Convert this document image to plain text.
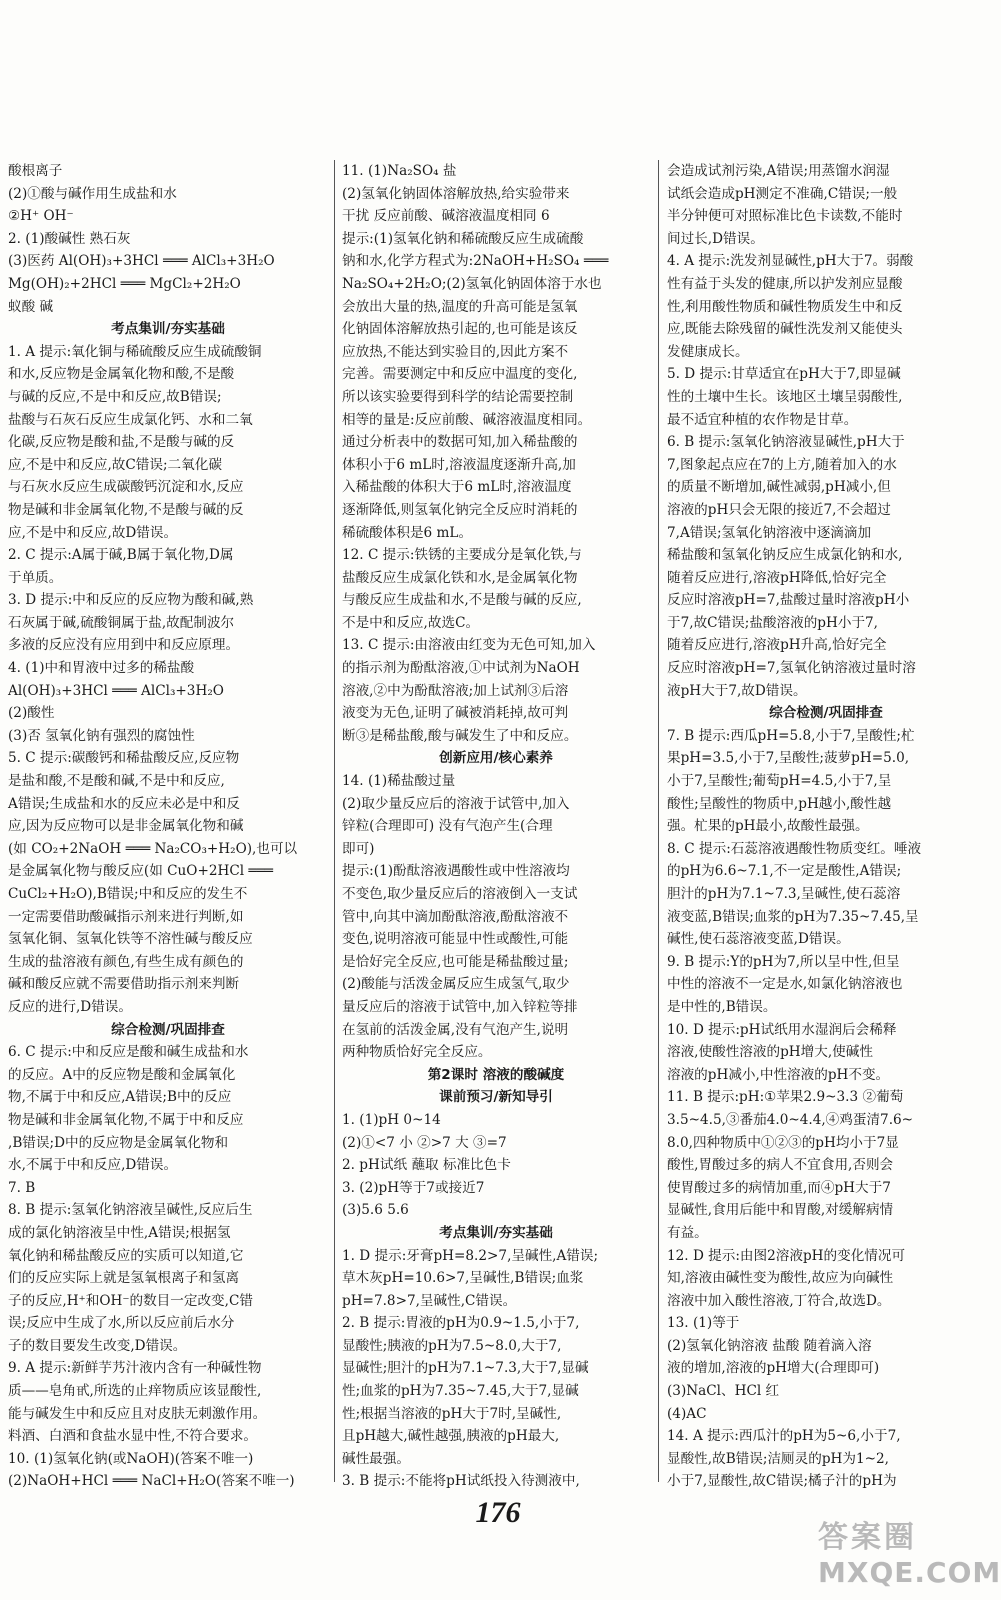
酸根离子
(2)①酸与碱作用生成盐和水
②H⁺ OH⁻
2. (1)酸碱性 熟石灰
(3)医药 Al(OH)₃+3HCl ═══ AlCl₃+3H₂O
Mg(OH)₂+2HCl ═══ MgCl₂+2H₂O
蚁酸 碱
考点集训/夯实基础
1. A 提示:氧化铜与稀硫酸反应生成硫酸铜
和水,反应物是金属氧化物和酸,不是酸
与碱的反应,不是中和反应,故B错误;
盐酸与石灰石反应生成氯化钙、水和二氧
化碳,反应物是酸和盐,不是酸与碱的反
应,不是中和反应,故C错误;二氧化碳
与石灰水反应生成碳酸钙沉淀和水,反应
物是碱和非金属氧化物,不是酸与碱的反
应,不是中和反应,故D错误。
2. C 提示:A属于碱,B属于氧化物,D属
于单质。
3. D 提示:中和反应的反应物为酸和碱,熟
石灰属于碱,硫酸铜属于盐,故配制波尔
多液的反应没有应用到中和反应原理。
4. (1)中和胃液中过多的稀盐酸
Al(OH)₃+3HCl ═══ AlCl₃+3H₂O
(2)酸性
(3)否 氢氧化钠有强烈的腐蚀性
5. C 提示:碳酸钙和稀盐酸反应,反应物
是盐和酸,不是酸和碱,不是中和反应,
A错误;生成盐和水的反应未必是中和反
应,因为反应物可以是非金属氧化物和碱
(如 CO₂+2NaOH ═══ Na₂CO₃+H₂O),也可以
是金属氧化物与酸反应(如 CuO+2HCl ═══
CuCl₂+H₂O),B错误;中和反应的发生不
一定需要借助酸碱指示剂来进行判断,如
氢氧化铜、氢氧化铁等不溶性碱与酸反应
生成的盐溶液有颜色,有些生成有颜色的
碱和酸反应就不需要借助指示剂来判断
反应的进行,D错误。
综合检测/巩固排查
6. C 提示:中和反应是酸和碱生成盐和水
的反应。A中的反应物是酸和金属氧化
物,不属于中和反应,A错误;B中的反应
物是碱和非金属氧化物,不属于中和反应
,B错误;D中的反应物是金属氧化物和
水,不属于中和反应,D错误。
7. B
8. B 提示:氢氧化钠溶液呈碱性,反应后生
成的氯化钠溶液呈中性,A错误;根据氢
氧化钠和稀盐酸反应的实质可以知道,它
们的反应实际上就是氢氧根离子和氢离
子的反应,H⁺和OH⁻的数目一定改变,C错
误;反应中生成了水,所以反应前后水分
子的数目要发生改变,D错误。
9. A 提示:新鲜芋艿汁液内含有一种碱性物
质——皂角甙,所选的止痒物质应该显酸性,
能与碱发生中和反应且对皮肤无刺激作用。
料酒、白酒和食盐水显中性,不符合要求。
10. (1)氢氧化钠(或NaOH)(答案不唯一)
(2)NaOH+HCl ═══ NaCl+H₂O(答案不唯一)
11. (1)Na₂SO₄ 盐
(2)氢氧化钠固体溶解放热,给实验带来
干扰 反应前酸、碱溶液温度相同 6
提示:(1)氢氧化钠和稀硫酸反应生成硫酸
钠和水,化学方程式为:2NaOH+H₂SO₄ ═══
Na₂SO₄+2H₂O;(2)氢氧化钠固体溶于水也
会放出大量的热,温度的升高可能是氢氧
化钠固体溶解放热引起的,也可能是该反
应放热,不能达到实验目的,因此方案不
完善。需要测定中和反应中温度的变化,
所以该实验要得到科学的结论需要控制
相等的量是:反应前酸、碱溶液温度相同。
通过分析表中的数据可知,加入稀盐酸的
体积小于6 mL时,溶液温度逐渐升高,加
入稀盐酸的体积大于6 mL时,溶液温度
逐渐降低,则氢氧化钠完全反应时消耗的
稀硫酸体积是6 mL。
12. C 提示:铁锈的主要成分是氧化铁,与
盐酸反应生成氯化铁和水,是金属氧化物
与酸反应生成盐和水,不是酸与碱的反应,
不是中和反应,故选C。
13. C 提示:由溶液由红变为无色可知,加入
的指示剂为酚酞溶液,①中试剂为NaOH
溶液,②中为酚酞溶液;加上试剂③后溶
液变为无色,证明了碱被消耗掉,故可判
断③是稀盐酸,酸与碱发生了中和反应。
创新应用/核心素养
14. (1)稀盐酸过量
(2)取少量反应后的溶液于试管中,加入
锌粒(合理即可) 没有气泡产生(合理
即可)
提示:(1)酚酞溶液遇酸性或中性溶液均
不变色,取少量反应后的溶液倒入一支试
管中,向其中滴加酚酞溶液,酚酞溶液不
变色,说明溶液可能显中性或酸性,可能
是恰好完全反应,也可能是稀盐酸过量;
(2)酸能与活泼金属反应生成氢气,取少
量反应后的溶液于试管中,加入锌粒等排
在氢前的活泼金属,没有气泡产生,说明
两种物质恰好完全反应。
第2课时 溶液的酸碱度
课前预习/新知导引
1. (1)pH 0~14
(2)①<7 小 ②>7 大 ③=7
2. pH试纸 蘸取 标准比色卡
3. (2)pH等于7或接近7
(3)5.6 5.6
考点集训/夯实基础
1. D 提示:牙膏pH=8.2>7,呈碱性,A错误;
草木灰pH=10.6>7,呈碱性,B错误;血浆
pH=7.8>7,呈碱性,C错误。
2. B 提示:胃液的pH为0.9~1.5,小于7,
显酸性;胰液的pH为7.5~8.0,大于7,
显碱性;胆汁的pH为7.1~7.3,大于7,显碱
性;血浆的pH为7.35~7.45,大于7,显碱
性;根据当溶液的pH大于7时,呈碱性,
且pH越大,碱性越强,胰液的pH最大,
碱性最强。
3. B 提示:不能将pH试纸投入待测液中,
会造成试剂污染,A错误;用蒸馏水润湿
试纸会造成pH测定不准确,C错误;一般
半分钟便可对照标准比色卡读数,不能时
间过长,D错误。
4. A 提示:洗发剂显碱性,pH大于7。弱酸
性有益于头发的健康,所以护发剂应显酸
性,利用酸性物质和碱性物质发生中和反
应,既能去除残留的碱性洗发剂又能使头
发健康成长。
5. D 提示:甘草适宜在pH大于7,即显碱
性的土壤中生长。该地区土壤呈弱酸性,
最不适宜种植的农作物是甘草。
6. B 提示:氢氧化钠溶液显碱性,pH大于
7,图象起点应在7的上方,随着加入的水
的质量不断增加,碱性减弱,pH减小,但
溶液的pH只会无限的接近7,不会超过
7,A错误;氢氧化钠溶液中逐滴滴加
稀盐酸和氢氧化钠反应生成氯化钠和水,
随着反应进行,溶液pH降低,恰好完全
反应时溶液pH=7,盐酸过量时溶液pH小
于7,故C错误;盐酸溶液的pH小于7,
随着反应进行,溶液pH升高,恰好完全
反应时溶液pH=7,氢氧化钠溶液过量时溶
液pH大于7,故D错误。
综合检测/巩固排查
7. B 提示:西瓜pH=5.8,小于7,呈酸性;杧
果pH=3.5,小于7,呈酸性;菠萝pH=5.0,
小于7,呈酸性;葡萄pH=4.5,小于7,呈
酸性;呈酸性的物质中,pH越小,酸性越
强。杧果的pH最小,故酸性最强。
8. C 提示:石蕊溶液遇酸性物质变红。唾液
的pH为6.6~7.1,不一定是酸性,A错误;
胆汁的pH为7.1~7.3,呈碱性,使石蕊溶
液变蓝,B错误;血浆的pH为7.35~7.45,呈
碱性,使石蕊溶液变蓝,D错误。
9. B 提示:Y的pH为7,所以呈中性,但呈
中性的溶液不一定是水,如氯化钠溶液也
是中性的,B错误。
10. D 提示:pH试纸用水湿润后会稀释
溶液,使酸性溶液的pH增大,使碱性
溶液的pH减小,中性溶液的pH不变。
11. B 提示:pH:①苹果2.9~3.3 ②葡萄
3.5~4.5,③番茄4.0~4.4,④鸡蛋清7.6~
8.0,四种物质中①②③的pH均小于7显
酸性,胃酸过多的病人不宜食用,否则会
使胃酸过多的病情加重,而④pH大于7
显碱性,食用后能中和胃酸,对缓解病情
有益。
12. D 提示:由图2溶液pH的变化情况可
知,溶液由碱性变为酸性,故应为向碱性
溶液中加入酸性溶液,丁符合,故选D。
13. (1)等于
(2)氢氧化钠溶液 盐酸 随着滴入溶
液的增加,溶液的pH增大(合理即可)
(3)NaCl、HCl 红
(4)AC
14. A 提示:西瓜汁的pH为5~6,小于7,
显酸性,故B错误;洁厕灵的pH为1~2,
小于7,显酸性,故C错误;橘子汁的pH为
176
答案圈
MXQE.COM
